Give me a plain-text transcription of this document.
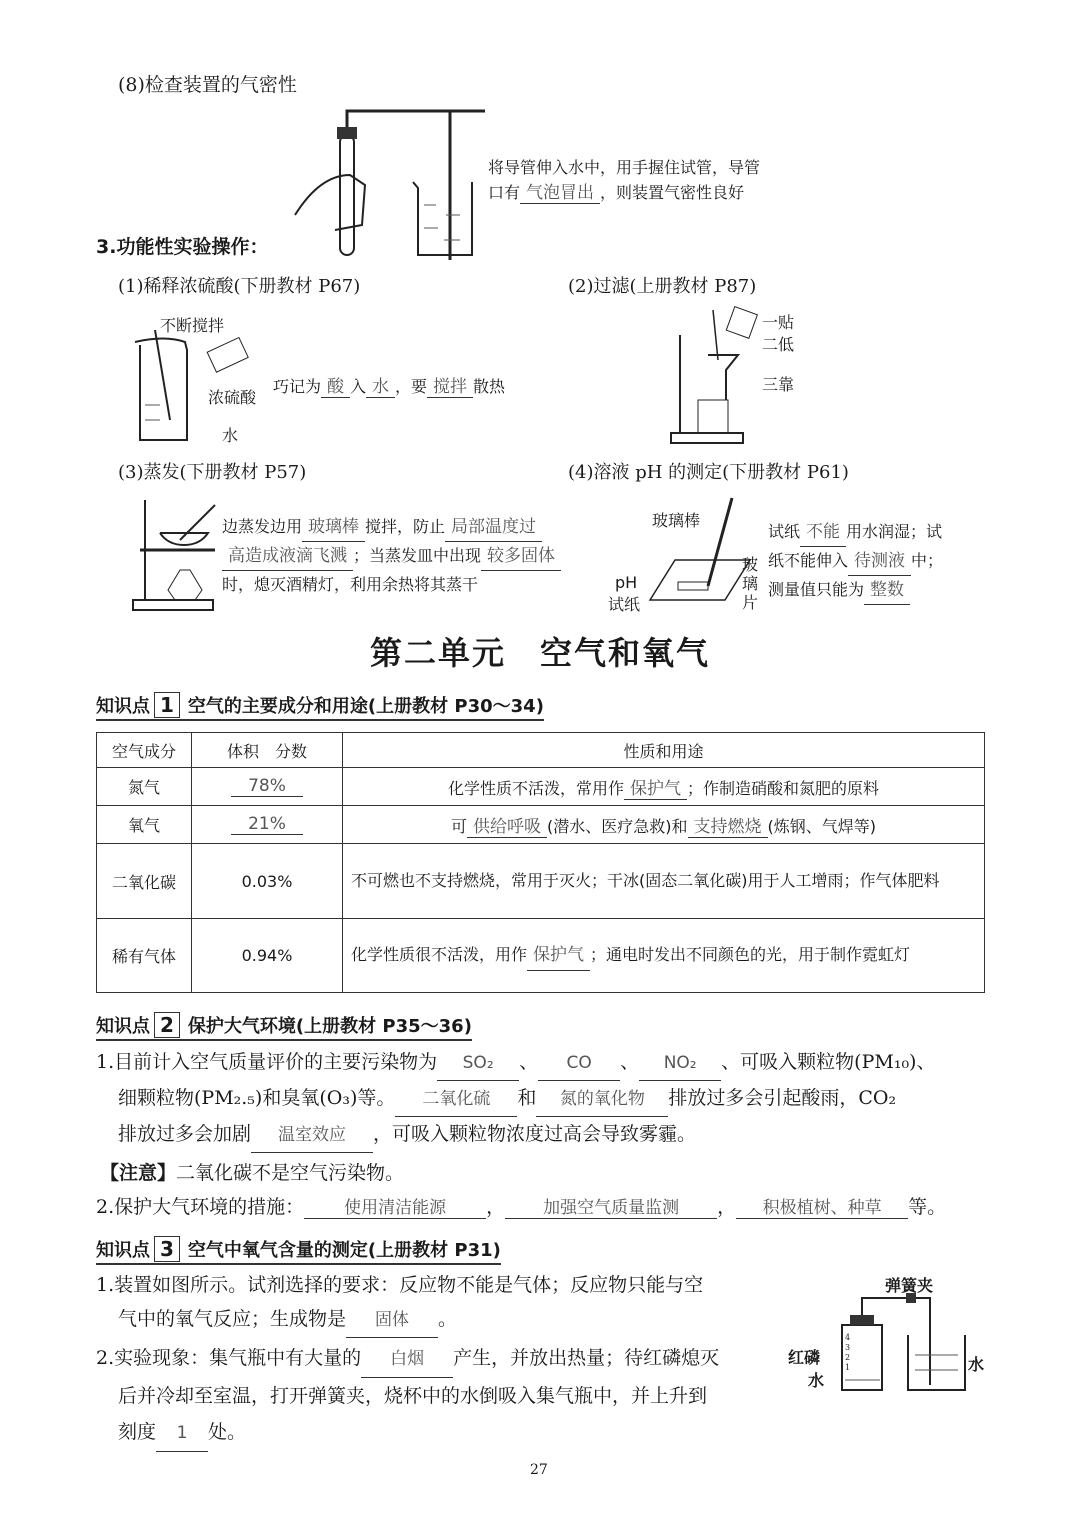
(8)检查装置的气密性
将导管伸入水中，用手握住试管，导管
口有 气泡冒出 ，则装置气密性良好
3.功能性实验操作：
(1)稀释浓硫酸(下册教材 P67)	(2)过滤(上册教材 P87)
不断搅拌
浓硫酸
水
巧记为 酸 入 水 ，要 搅拌 散热
一贴
二低
三靠
(3)蒸发(下册教材 P57)	(4)溶液 pH 的测定(下册教材 P61)
边蒸发边用 玻璃棒 搅拌，防止 局部温度过
高造成液滴飞溅 ；当蒸发皿中出现 较多固体
时，熄灭酒精灯，利用余热将其蒸干
玻璃棒
pH
试纸
玻璃片
试纸 不能 用水润湿；试
纸不能伸入 待测液 中；
测量值只能为 整数
第二单元　空气和氧气
知识点 1 空气的主要成分和用途(上册教材 P30～34)
空气成分	体积　分数	性质和用途
氮气	78%	化学性质不活泼，常用作 保护气 ；作制造硝酸和氮肥的原料
氧气	21%	可 供给呼吸 (潜水、医疗急救)和 支持燃烧 (炼钢、气焊等)
二氧化碳	0.03%	不可燃也不支持燃烧，常用于灭火；干冰(固态二氧化碳)用于人工增雨；作气体肥料
稀有气体	0.94%	化学性质很不活泼，用作 保护气 ；通电时发出不同颜色的光，用于制作霓虹灯
知识点 2 保护大气环境(上册教材 P35～36)
1.目前计入空气质量评价的主要污染物为 SO₂ 、 CO 、 NO₂ 、可吸入颗粒物(PM₁₀)、
细颗粒物(PM₂.₅)和臭氧(O₃)等。 二氧化硫 和 氮的氧化物 排放过多会引起酸雨，CO₂
排放过多会加剧 温室效应 ，可吸入颗粒物浓度过高会导致雾霾。
【注意】二氧化碳不是空气污染物。
2.保护大气环境的措施： 使用清洁能源 ， 加强空气质量监测 ， 积极植树、种草 等。
知识点 3 空气中氧气含量的测定(上册教材 P31)
1.装置如图所示。试剂选择的要求：反应物不能是气体；反应物只能与空
气中的氧气反应；生成物是 固体 。
2.实验现象：集气瓶中有大量的 白烟 产生，并放出热量；待红磷熄灭
后并冷却至室温，打开弹簧夹，烧杯中的水倒吸入集气瓶中，并上升到
刻度 1 处。
4
3
2
1
弹簧夹
红磷
水
水
27
